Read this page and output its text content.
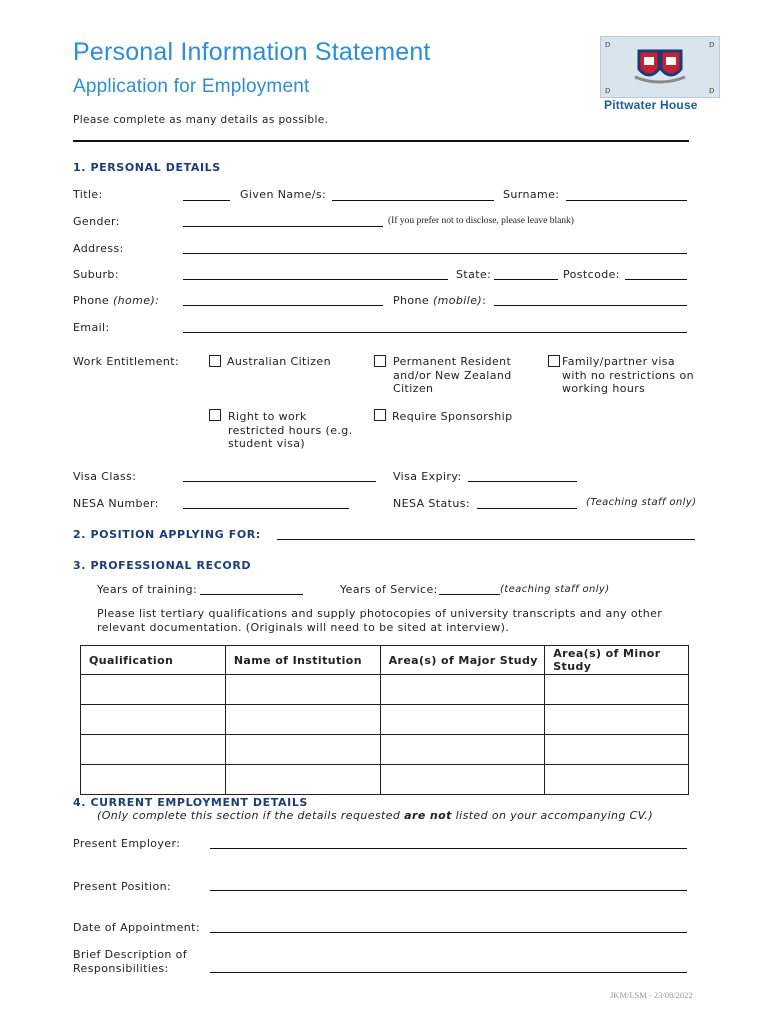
Personal Information Statement
Application for Employment
Please complete as many details as possible.
D	D
D	D
Pittwater House
1. PERSONAL DETAILS
Title:	Given Name/s:	Surname:
Gender:	(If you prefer not to disclose, please leave blank)
Address:
Suburb:	State:	Postcode:
Phone (home):	Phone (mobile):
Email:
Work Entitlement:	Australian Citizen	Permanent Resident
and/or New Zealand
Citizen
Family/partner visa
with no restrictions on
working hours
Right to work
restricted hours (e.g.
student visa)
Require Sponsorship
Visa Class:	Visa Expiry:
NESA Number:	NESA Status:	(Teaching staff only)
2. POSITION APPLYING FOR:
3. PROFESSIONAL RECORD
Years of training:	Years of Service:	(teaching staff only)
Please list tertiary qualifications and supply photocopies of university transcripts and any other
relevant documentation. (Originals will need to be sited at interview).
Qualification	Name of Institution	Area(s) of Major Study	Area(s) of Minor Study

4. CURRENT EMPLOYMENT DETAILS
(Only complete this section if the details requested are not listed on your accompanying CV.)
Present Employer:
Present Position:
Date of Appointment:
Brief Description of
Responsibilities:
JKM/LSM - 23/08/2022
